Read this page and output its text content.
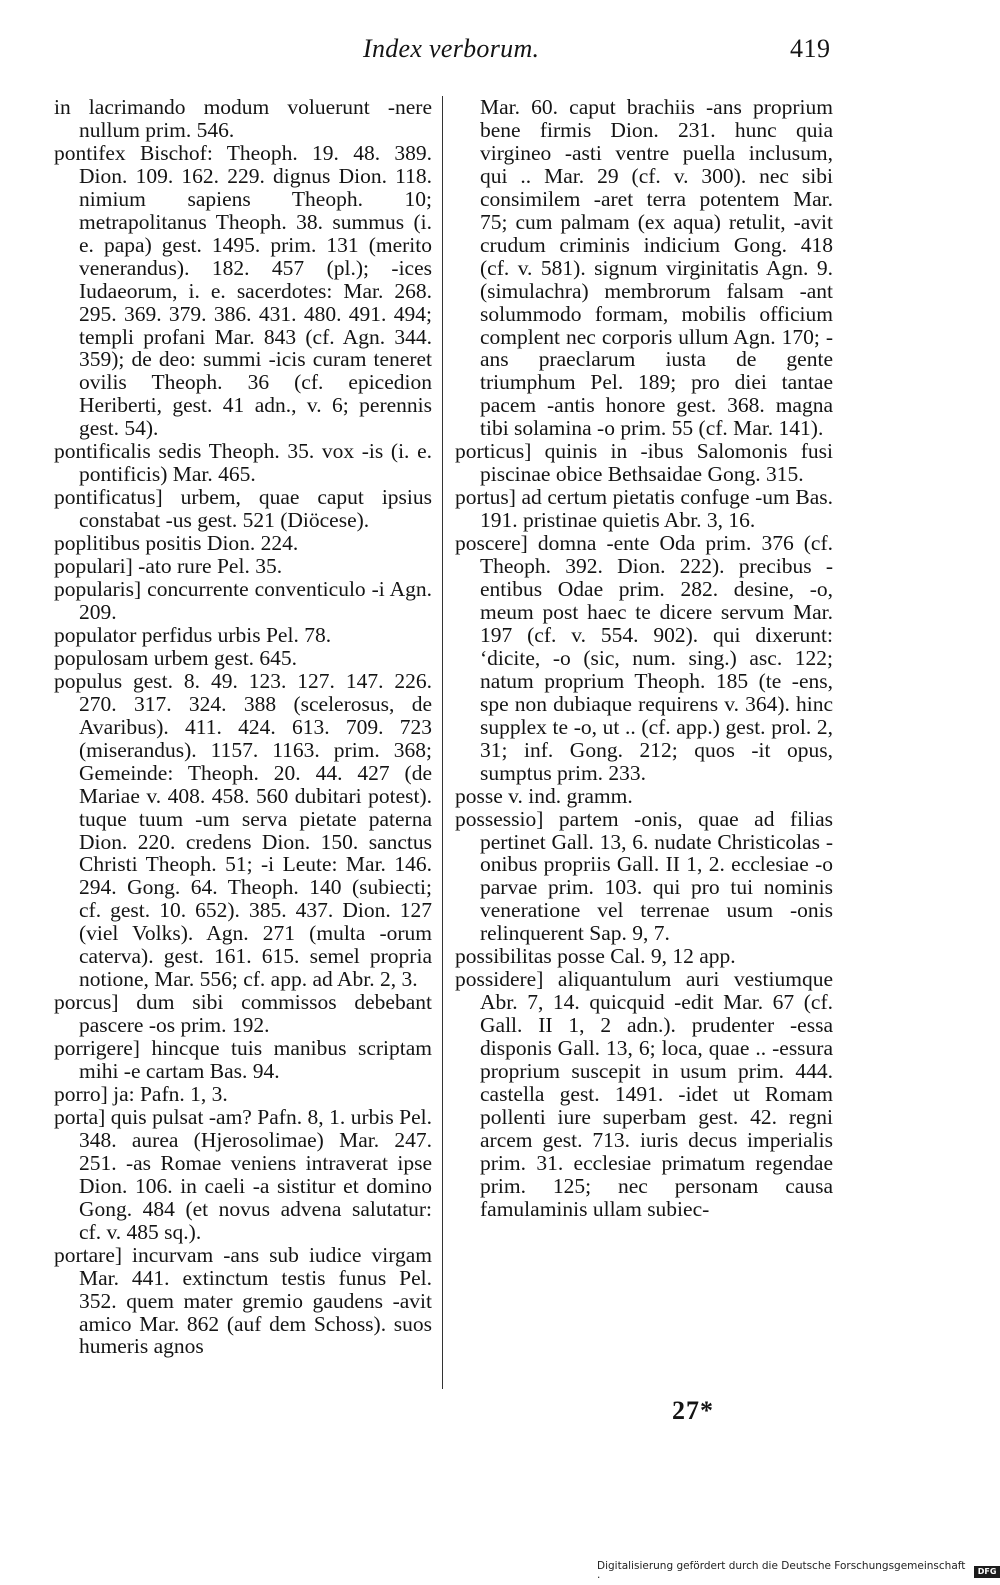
Index verborum.	419

in lacrimando modum voluerunt -nere nullum prim. 546.

pontifex Bischof: Theoph. 19. 48. 389. Dion. 109. 162. 229. dignus Dion. 118. nimium sapiens Theoph. 10; metrapolitanus Theoph. 38. summus (i. e. papa) gest. 1495. prim. 131 (merito venerandus). 182. 457 (pl.); -ices Iudaeorum, i. e. sacerdotes: Mar. 268. 295. 369. 379. 386. 431. 480. 491. 494; templi profani Mar. 843 (cf. Agn. 344. 359); de deo: summi -icis curam teneret ovilis Theoph. 36 (cf. epicedion Heriberti, gest. 41 adn., v. 6; perennis gest. 54).

pontificalis sedis Theoph. 35. vox -is (i. e. pontificis) Mar. 465.

pontificatus] urbem, quae caput ipsius constabat -us gest. 521 (Diöcese).

poplitibus positis Dion. 224.

populari] -ato rure Pel. 35.

popularis] concurrente conventiculo -i Agn. 209.

populator perfidus urbis Pel. 78.

populosam urbem gest. 645.

populus gest. 8. 49. 123. 127. 147. 226. 270. 317. 324. 388 (scelerosus, de Avaribus). 411. 424. 613. 709. 723 (miserandus). 1157. 1163. prim. 368; Gemeinde: Theoph. 20. 44. 427 (de Mariae v. 408. 458. 560 dubitari potest). tuque tuum -um serva pietate paterna Dion. 220. credens Dion. 150. sanctus Christi Theoph. 51; -i Leute: Mar. 146. 294. Gong. 64. Theoph. 140 (subiecti; cf. gest. 10. 652). 385. 437. Dion. 127 (viel Volks). Agn. 271 (multa -orum caterva). gest. 161. 615. semel propria notione, Mar. 556; cf. app. ad Abr. 2, 3.

porcus] dum sibi commissos debebant pascere -os prim. 192.

porrigere] hincque tuis manibus scriptam mihi -e cartam Bas. 94.

porro] ja: Pafn. 1, 3.

porta] quis pulsat -am? Pafn. 8, 1. urbis Pel. 348. aurea (Hjerosolimae) Mar. 247. 251. -as Romae veniens intraverat ipse Dion. 106. in caeli -a sistitur et domino Gong. 484 (et novus advena salutatur: cf. v. 485 sq.).

portare] incurvam -ans sub iudice virgam Mar. 441. extinctum testis funus Pel. 352. quem mater gremio gaudens -avit amico Mar. 862 (auf dem Schoss). suos humeris agnos

Mar. 60. caput brachiis -ans proprium bene firmis Dion. 231. hunc quia virgineo -asti ventre puella inclusum, qui .. Mar. 29 (cf. v. 300). nec sibi consimilem -aret terra potentem Mar. 75; cum palmam (ex aqua) retulit, -avit crudum criminis indicium Gong. 418 (cf. v. 581). signum virginitatis Agn. 9. (simulachra) membrorum falsam -ant solummodo formam, mobilis officium complent nec corporis ullum Agn. 170; -ans praeclarum iusta de gente triumphum Pel. 189; pro diei tantae pacem -antis honore gest. 368. magna tibi solamina -o prim. 55 (cf. Mar. 141).

porticus] quinis in -ibus Salomonis fusi piscinae obice Bethsaidae Gong. 315.

portus] ad certum pietatis confuge -um Bas. 191. pristinae quietis Abr. 3, 16.

poscere] domna -ente Oda prim. 376 (cf. Theoph. 392. Dion. 222). precibus -entibus Odae prim. 282. desine, -o, meum post haec te dicere servum Mar. 197 (cf. v. 554. 902). qui dixerunt: ‘dicite, -o (sic, num. sing.) asc. 122; natum proprium Theoph. 185 (te -ens, spe non dubiaque requirens v. 364). hinc supplex te -o, ut .. (cf. app.) gest. prol. 2, 31; inf. Gong. 212; quos -it opus, sumptus prim. 233.

posse v. ind. gramm.

possessio] partem -onis, quae ad filias pertinet Gall. 13, 6. nudate Christicolas -onibus propriis Gall. II 1, 2. ecclesiae -o parvae prim. 103. qui pro tui nominis veneratione vel terrenae usum -onis relinquerent Sap. 9, 7.

possibilitas posse Cal. 9, 12 app.

possidere] aliquantulum auri vestiumque Abr. 7, 14. quicquid -edit Mar. 67 (cf. Gall. II 1, 2 adn.). prudenter -essa disponis Gall. 13, 6; loca, quae .. -essura proprium suscepit in usum prim. 444. castella gest. 1491. -idet ut Romam pollenti iure superbam gest. 42. regni arcem gest. 713. iuris decus imperialis prim. 31. ecclesiae primatum regendae prim. 125; nec personam causa famulaminis ullam subiec-

27*
Digitalisierung gefördert durch die Deutsche Forschungsgemeinschaft ·
DFG
